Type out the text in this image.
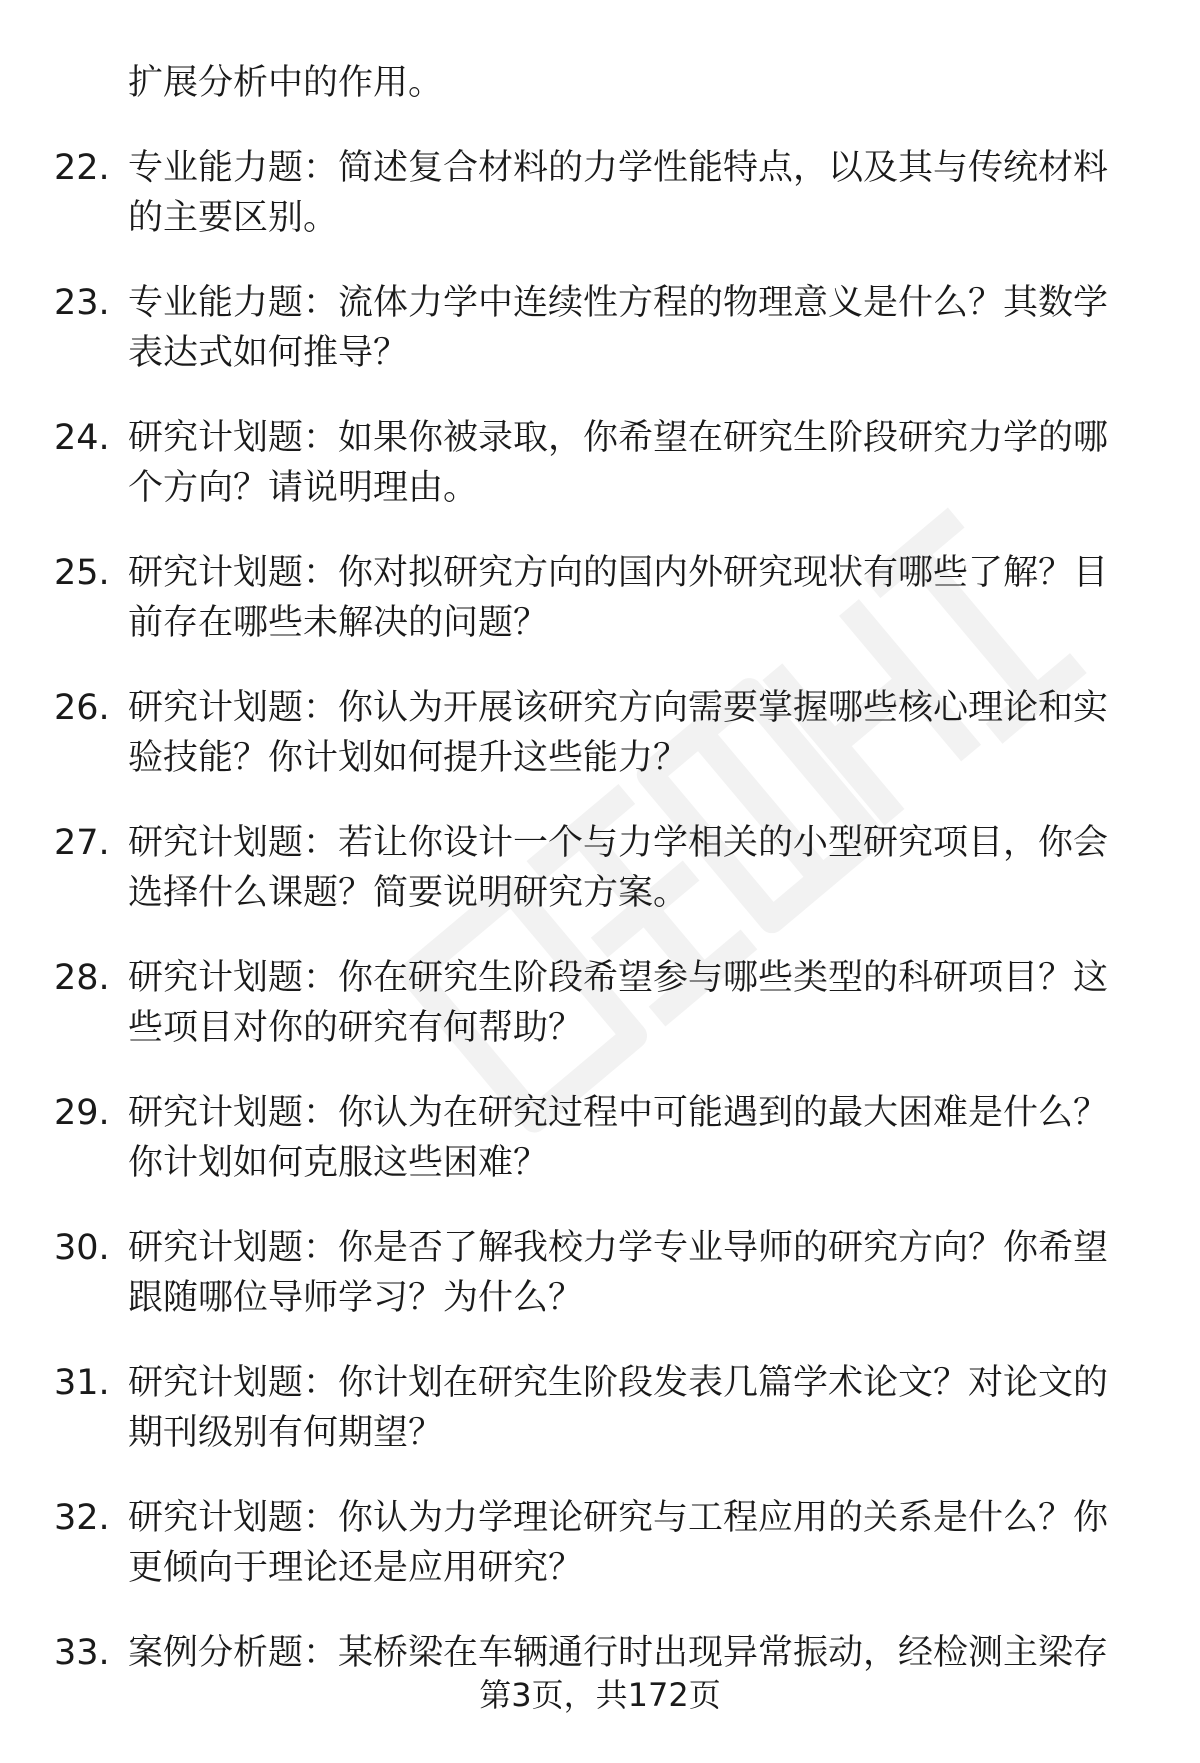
扩展分析中的作用。
22. 专业能力题：简述复合材料的力学性能特点，以及其与传统材料的主要区别。
23. 专业能力题：流体力学中连续性方程的物理意义是什么？其数学表达式如何推导？
24. 研究计划题：如果你被录取，你希望在研究生阶段研究力学的哪个方向？请说明理由。
25. 研究计划题：你对拟研究方向的国内外研究现状有哪些了解？目前存在哪些未解决的问题？
26. 研究计划题：你认为开展该研究方向需要掌握哪些核心理论和实验技能？你计划如何提升这些能力？
27. 研究计划题：若让你设计一个与力学相关的小型研究项目，你会选择什么课题？简要说明研究方案。
28. 研究计划题：你在研究生阶段希望参与哪些类型的科研项目？这些项目对你的研究有何帮助？
29. 研究计划题：你认为在研究过程中可能遇到的最大困难是什么？你计划如何克服这些困难？
30. 研究计划题：你是否了解我校力学专业导师的研究方向？你希望跟随哪位导师学习？为什么？
31. 研究计划题：你计划在研究生阶段发表几篇学术论文？对论文的期刊级别有何期望？
32. 研究计划题：你认为力学理论研究与工程应用的关系是什么？你更倾向于理论还是应用研究？
33. 案例分析题：某桥梁在车辆通行时出现异常振动，经检测主梁存
第3页，共172页
